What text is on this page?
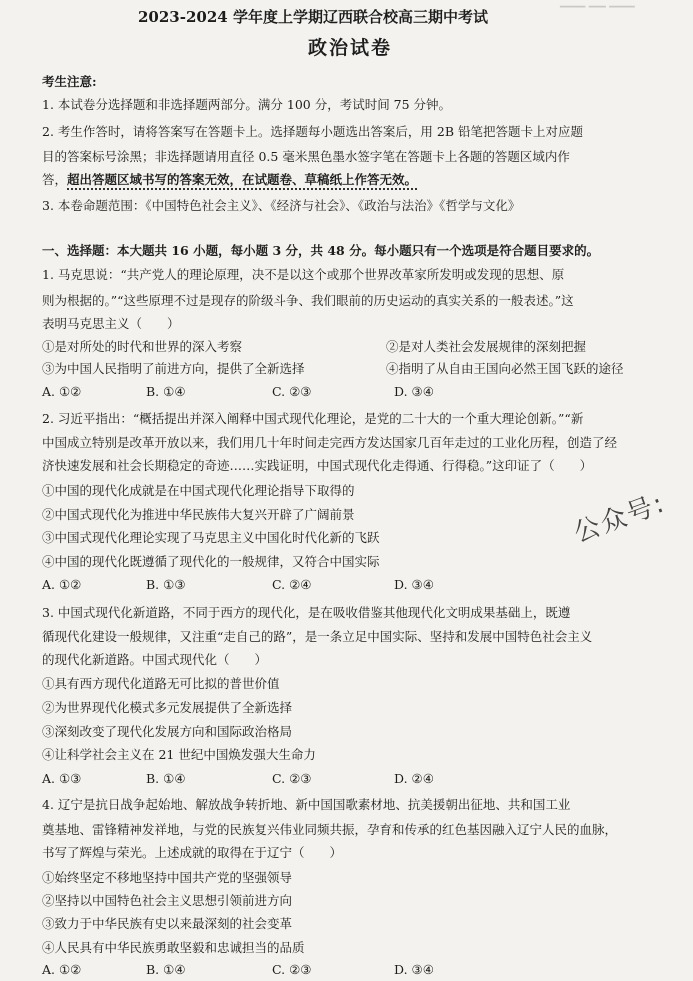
▔▔▔ ▔▔ ▔▔▔
2023-2024 学年度上学期辽西联合校高三期中考试
政治试卷
考生注意:
1. 本试卷分选择题和非选择题两部分。满分 100 分，考试时间 75 分钟。
2. 考生作答时，请将答案写在答题卡上。选择题每小题选出答案后，用 2B 铅笔把答题卡上对应题
目的答案标号涂黑；非选择题请用直径 0.5 毫米黑色墨水签字笔在答题卡上各题的答题区域内作
答，超出答题区域书写的答案无效，在试题卷、草稿纸上作答无效。
3. 本卷命题范围：《中国特色社会主义》、《经济与社会》、《政治与法治》《哲学与文化》
一、选择题：本大题共 16 小题，每小题 3 分，共 48 分。每小题只有一个选项是符合题目要求的。
1. 马克思说：“共产党人的理论原理，决不是以这个或那个世界改革家所发明或发现的思想、原
则为根据的。”“这些原理不过是现存的阶级斗争、我们眼前的历史运动的真实关系的一般表述。”这
表明马克思主义（　　）
①是对所处的时代和世界的深入考察	②是对人类社会发展规律的深刻把握
③为中国人民指明了前进方向，提供了全新选择	④指明了从自由王国向必然王国飞跃的途径
A. ①②	B. ①④	C. ②③	D. ③④
2. 习近平指出：“概括提出并深入阐释中国式现代化理论，是党的二十大的一个重大理论创新。”“新
中国成立特别是改革开放以来，我们用几十年时间走完西方发达国家几百年走过的工业化历程，创造了经
济快速发展和社会长期稳定的奇迹……实践证明，中国式现代化走得通、行得稳。”这印证了（　　）
①中国的现代化成就是在中国式现代化理论指导下取得的
②中国式现代化为推进中华民族伟大复兴开辟了广阔前景
③中国式现代化理论实现了马克思主义中国化时代化新的飞跃
④中国的现代化既遵循了现代化的一般规律，又符合中国实际
A. ①②	B. ①③	C. ②④	D. ③④
公众号:
3. 中国式现代化新道路，不同于西方的现代化，是在吸收借鉴其他现代化文明成果基础上，既遵
循现代化建设一般规律，又注重“走自己的路”，是一条立足中国实际、坚持和发展中国特色社会主义
的现代化新道路。中国式现代化（　　）
①具有西方现代化道路无可比拟的普世价值
②为世界现代化模式多元发展提供了全新选择
③深刻改变了现代化发展方向和国际政治格局
④让科学社会主义在 21 世纪中国焕发强大生命力
A. ①③	B. ①④	C. ②③	D. ②④
4. 辽宁是抗日战争起始地、解放战争转折地、新中国国歌素材地、抗美援朝出征地、共和国工业
奠基地、雷锋精神发祥地，与党的民族复兴伟业同频共振，孕育和传承的红色基因融入辽宁人民的血脉，
书写了辉煌与荣光。上述成就的取得在于辽宁（　　）
①始终坚定不移地坚持中国共产党的坚强领导
②坚持以中国特色社会主义思想引领前进方向
③致力于中华民族有史以来最深刻的社会变革
④人民具有中华民族勇敢坚毅和忠诚担当的品质
A. ①②	B. ①④	C. ②③	D. ③④
